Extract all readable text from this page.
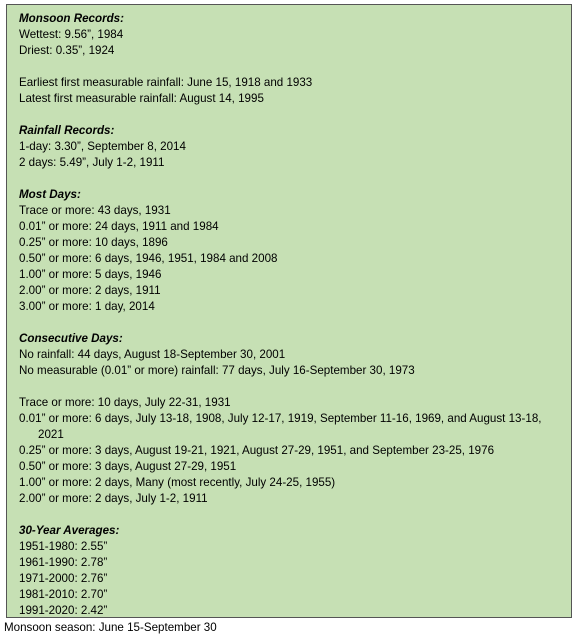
Monsoon Records:
Wettest: 9.56”, 1984
Driest: 0.35”, 1924
Earliest first measurable rainfall: June 15, 1918 and 1933
Latest first measurable rainfall: August 14, 1995
Rainfall Records:
1-day: 3.30”, September 8, 2014
2 days: 5.49”, July 1-2, 1911
Most Days:
Trace or more: 43 days, 1931
0.01” or more: 24 days, 1911 and 1984
0.25” or more: 10 days, 1896
0.50” or more: 6 days, 1946, 1951, 1984 and 2008
1.00” or more: 5 days, 1946
2.00” or more: 2 days, 1911
3.00” or more: 1 day, 2014
Consecutive Days:
No rainfall: 44 days, August 18-September 30, 2001
No measurable (0.01” or more) rainfall: 77 days, July 16-September 30, 1973
Trace or more: 10 days, July 22-31, 1931
0.01” or more: 6 days, July 13-18, 1908, July 12-17, 1919, September 11-16, 1969, and August 13-18, 2021
0.25” or more: 3 days, August 19-21, 1921, August 27-29, 1951, and September 23-25, 1976
0.50” or more: 3 days, August 27-29, 1951
1.00” or more: 2 days, Many (most recently, July 24-25, 1955)
2.00” or more: 2 days, July 1-2, 1911
30-Year Averages:
1951-1980: 2.55”
1961-1990: 2.78”
1971-2000: 2.76”
1981-2010: 2.70”
1991-2020: 2.42”
Monsoon season: June 15-September 30
